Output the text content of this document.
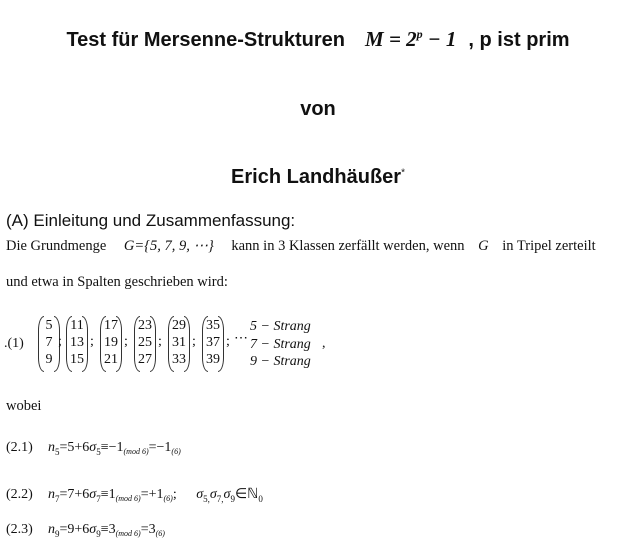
Test für Mersenne-Strukturen $M = 2^p - 1$ , p ist prim
von
Erich Landhäußer*
(A) Einleitung und Zusammenfassung:
Die Grundmenge G={5, 7, 9, ⋯} kann in 3 Klassen zerfällt werden, wenn G in Tripel zerteilt
und etwa in Spalten geschrieben wird:
.(1)
5
7
9
;
11
13
15
;
17
19
21
;
23
25
27
;
29
31
33
;
35
37
39
; ⋯
5 − Strang
7 − Strang
9 − Strang
,
wobei
(2.1) $n_5=5+6\sigma_5\equiv-1_{(mod 6)}=-1_{(6)}$
(2.2) $n_7=7+6\sigma_7\equiv 1_{(mod 6)}=+1_{(6)}$; $\sigma_{5,}\sigma_{7,}\sigma_9\in ℕ_0$
(2.3) $n_9=9+6\sigma_9\equiv 3_{(mod 6)}=3_{(6)}$
